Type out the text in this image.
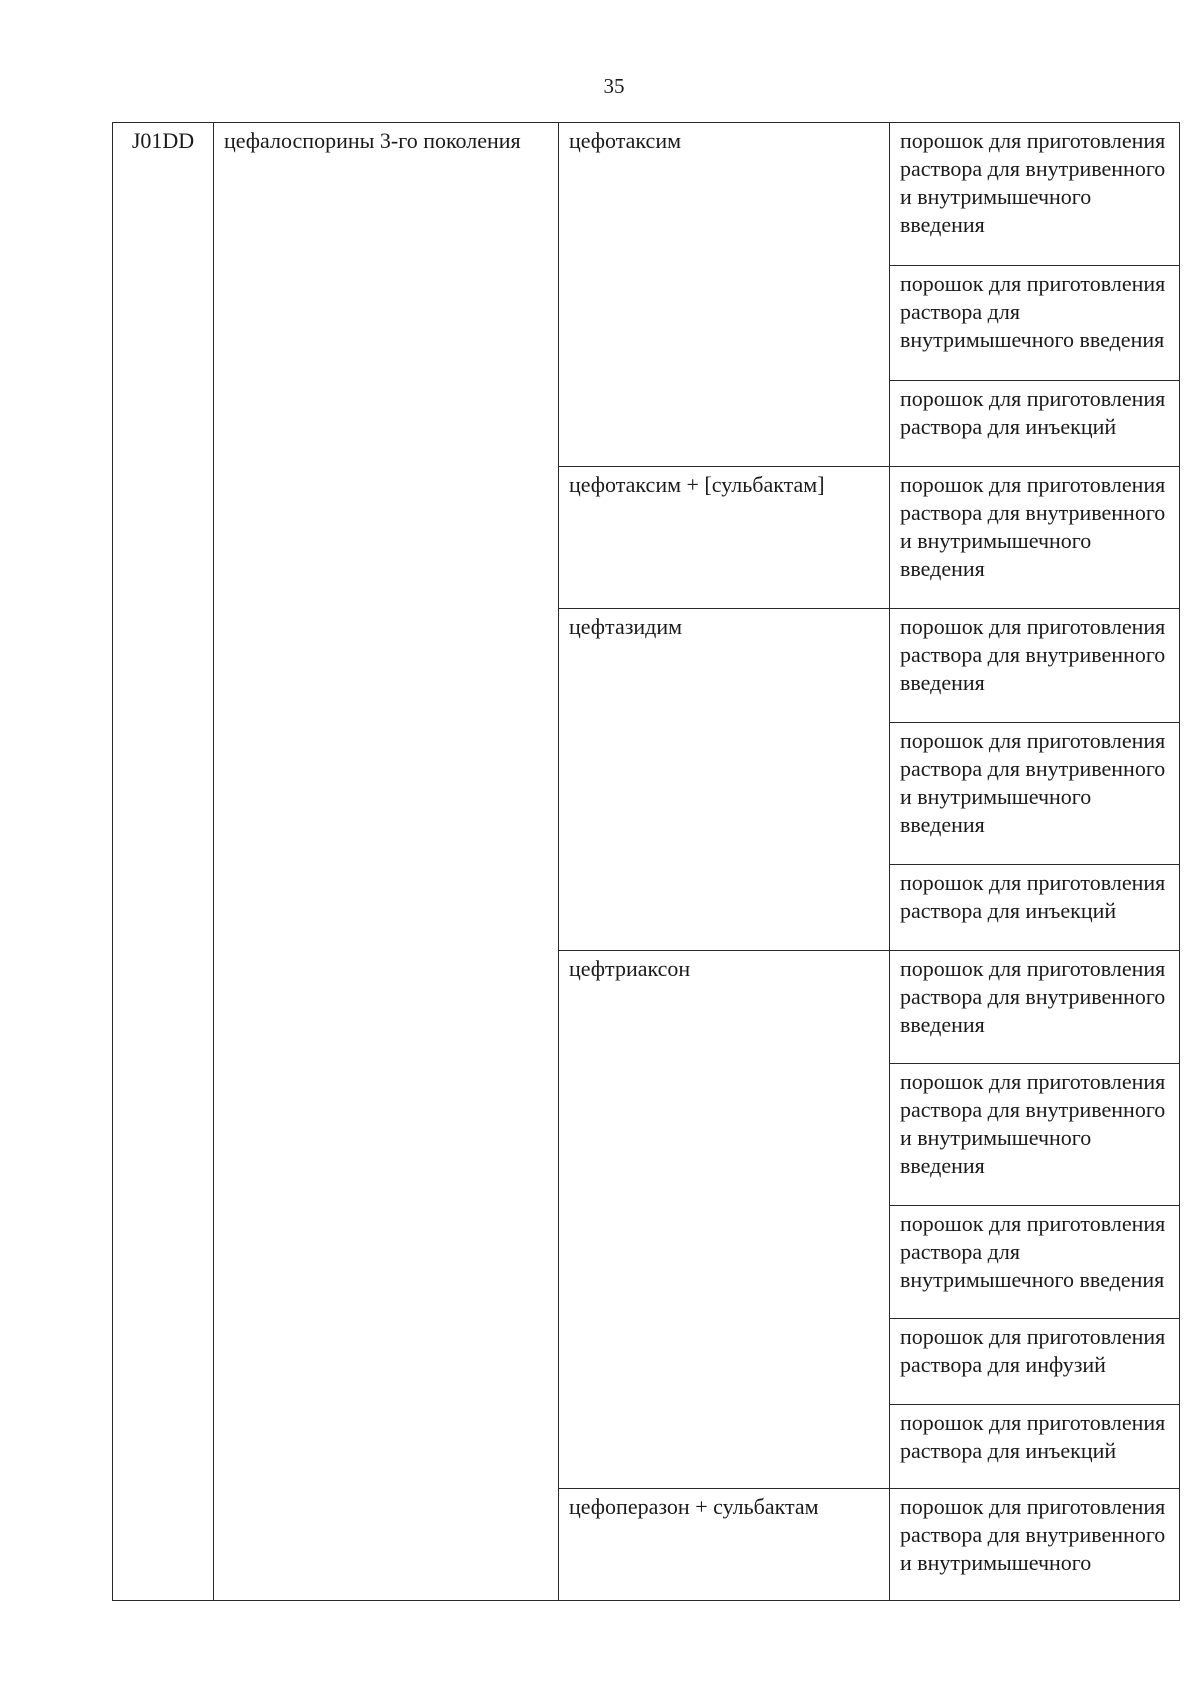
35
J01DD	цефалоспорины 3-го поколения	цефотаксим	порошок для приготовления раствора для внутривенного и внутримышечного введения

			порошок для приготовления раствора для внутримышечного введения

			порошок для приготовления раствора для инъекций

		цефотаксим + [сульбактам]	порошок для приготовления раствора для внутривенного и внутримышечного введения

		цефтазидим	порошок для приготовления раствора для внутривенного введения

			порошок для приготовления раствора для внутривенного и внутримышечного введения

			порошок для приготовления раствора для инъекций

		цефтриаксон	порошок для приготовления раствора для внутривенного введения

			порошок для приготовления раствора для внутривенного и внутримышечного введения

			порошок для приготовления раствора для внутримышечного введения

			порошок для приготовления раствора для инфузий

			порошок для приготовления раствора для инъекций

		цефоперазон + сульбактам	порошок для приготовления раствора для внутривенного и внутримышечного
